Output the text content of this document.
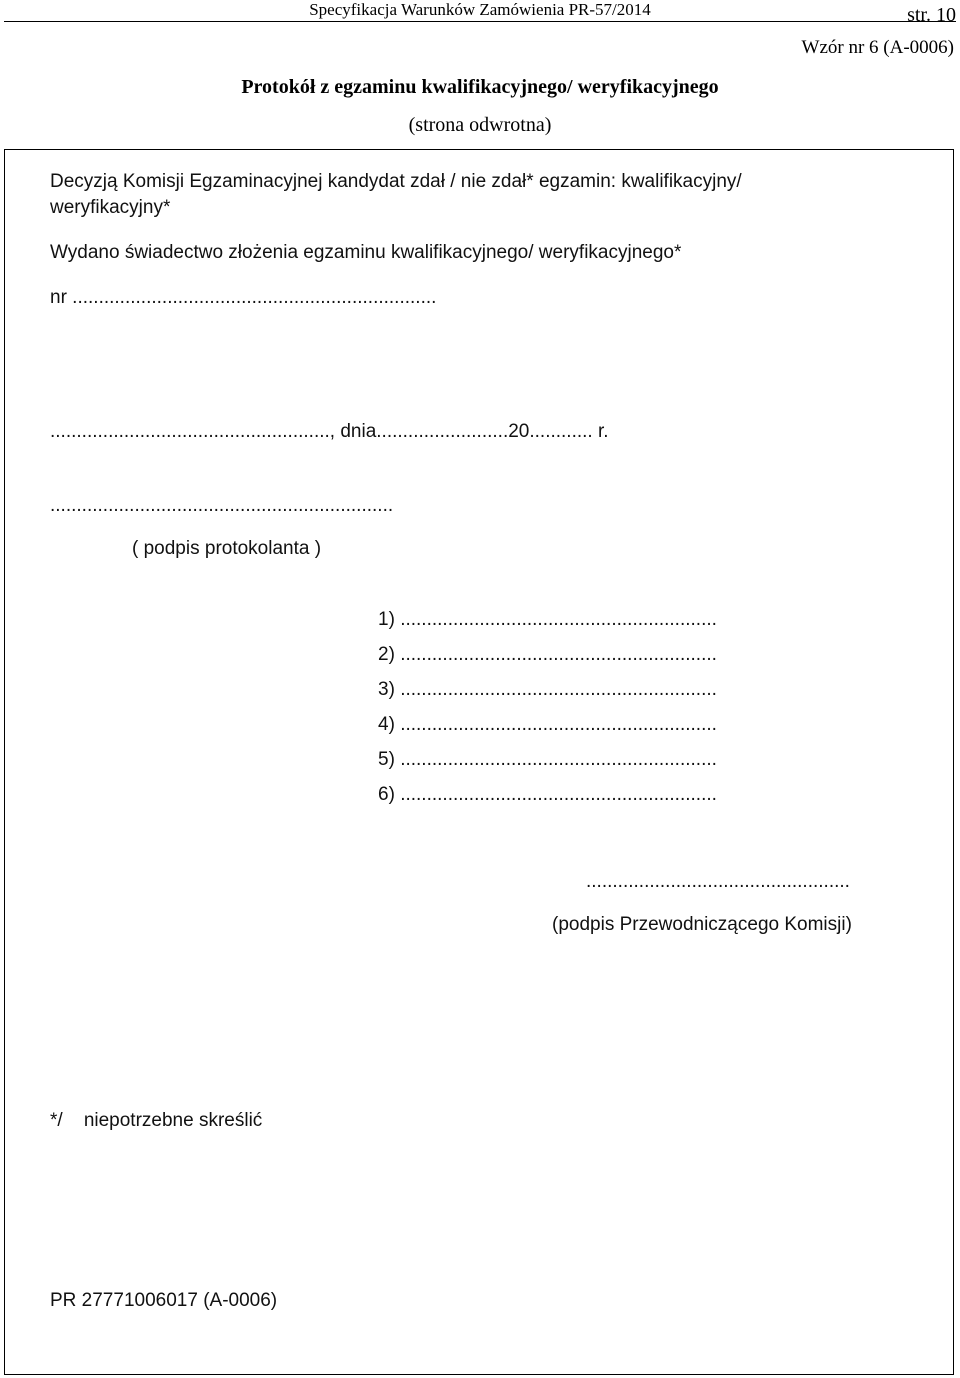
Specyfikacja Warunków Zamówienia PR-57/2014	str. 10
Wzór nr 6 (A-0006)
Protokół z egzaminu kwalifikacyjnego/ weryfikacyjnego
(strona odwrotna)
Decyzją Komisji Egzaminacyjnej kandydat zdał / nie zdał* egzamin: kwalifikacyjny/
weryfikacyjny*
Wydano świadectwo złożenia egzaminu kwalifikacyjnego/ weryfikacyjnego*
nr .....................................................................
....................................................., dnia.........................20............ r.
.................................................................
( podpis protokolanta )
1) ............................................................
2) ............................................................
3) ............................................................
4) ............................................................
5) ............................................................
6) ............................................................
..................................................
(podpis Przewodniczącego Komisji)
*/ niepotrzebne skreślić
PR 27771006017 (A-0006)
